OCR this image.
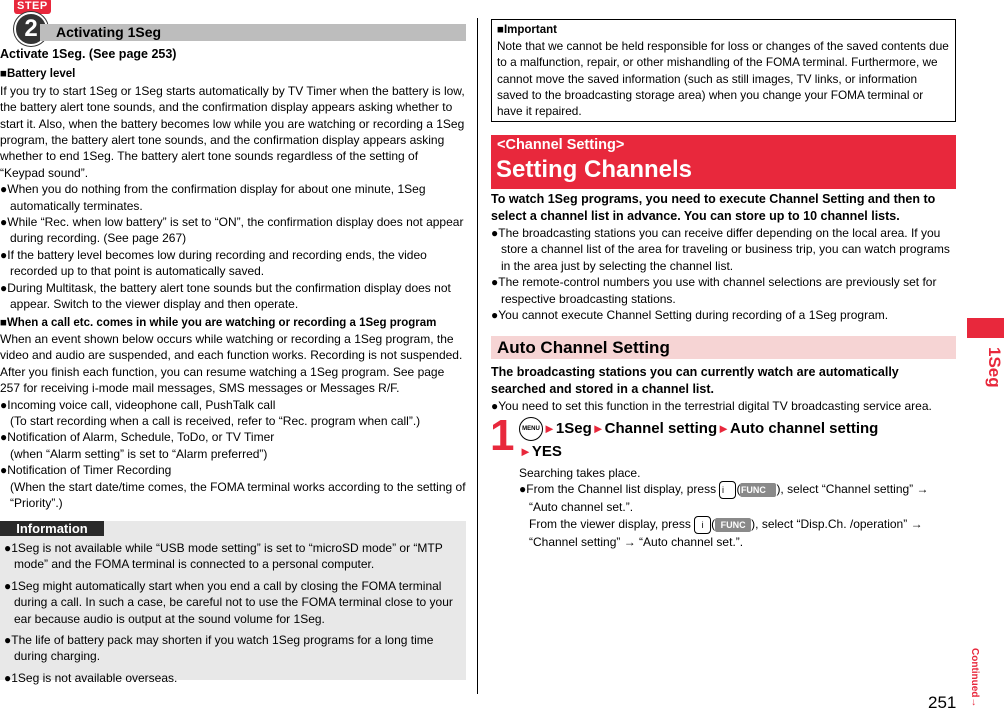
STEP
2	Activating 1Seg

Activate 1Seg. (See page 253)

■Battery level

If you try to start 1Seg or 1Seg starts automatically by TV Timer when the battery is low, the battery alert tone sounds, and the confirmation display appears asking whether to start it. Also, when the battery becomes low while you are watching or recording a 1Seg program, the battery alert tone sounds, and the confirmation display appears asking whether to end 1Seg. The battery alert tone sounds regardless of the setting of “Keypad sound”.

●When you do nothing from the confirmation display for about one minute, 1Seg automatically terminates.

●While “Rec. when low battery” is set to “ON”, the confirmation display does not appear during recording. (See page 267)

●If the battery level becomes low during recording and recording ends, the video recorded up to that point is automatically saved.

●During Multitask, the battery alert tone sounds but the confirmation display does not appear. Switch to the viewer display and then operate.

■When a call etc. comes in while you are watching or recording a 1Seg program

When an event shown below occurs while watching or recording a 1Seg program, the video and audio are suspended, and each function works. Recording is not suspended. After you finish each function, you can resume watching a 1Seg program. See page 257 for receiving i-mode mail messages, SMS messages or Messages R/F.

●Incoming voice call, videophone call, PushTalk call

(To start recording when a call is received, refer to “Rec. program when call”.)

●Notification of Alarm, Schedule, ToDo, or TV Timer

(when “Alarm setting” is set to “Alarm preferred”)

●Notification of Timer Recording

(When the start date/time comes, the FOMA terminal works according to the setting of “Priority”.)

Information

●1Seg is not available while “USB mode setting” is set to “microSD mode” or “MTP mode” and the FOMA terminal is connected to a personal computer.

●1Seg might automatically start when you end a call by closing the FOMA terminal during a call. In such a case, be careful not to use the FOMA terminal close to your ear because audio is output at the sound volume for 1Seg.

●The life of battery pack may shorten if you watch 1Seg programs for a long time during charging.

●1Seg is not available overseas.

■Important

Note that we cannot be held responsible for loss or changes of the saved contents due to a malfunction, repair, or other mishandling of the FOMA terminal. Furthermore, we cannot move the saved information (such as still images, TV links, or information saved to the broadcasting storage area) when you change your FOMA terminal or have it repaired.

<Channel Setting>
Setting Channels

To watch 1Seg programs, you need to execute Channel Setting and then to select a channel list in advance. You can store up to 10 channel lists.

●The broadcasting stations you can receive differ depending on the local area. If you store a channel list of the area for traveling or business trip, you can watch programs in the area just by selecting the channel list.

●The remote-control numbers you use with channel selections are previously set for respective broadcasting stations.

●You cannot execute Channel Setting during recording of a 1Seg program.

Auto Channel Setting

The broadcasting stations you can currently watch are automatically searched and stored in a channel list.

●You need to set this function in the terrestrial digital TV broadcasting service area.

1	MENU ►1Seg►Channel setting►Auto channel setting
►YES

Searching takes place.

●From the Channel list display, press i (FUNC ), select “Channel setting” → “Auto channel set.”.

From the viewer display, press i ( FUNC ), select “Disp.Ch. /operation” → “Channel setting” → “Auto channel set.”.

1Seg
Continued→
251
